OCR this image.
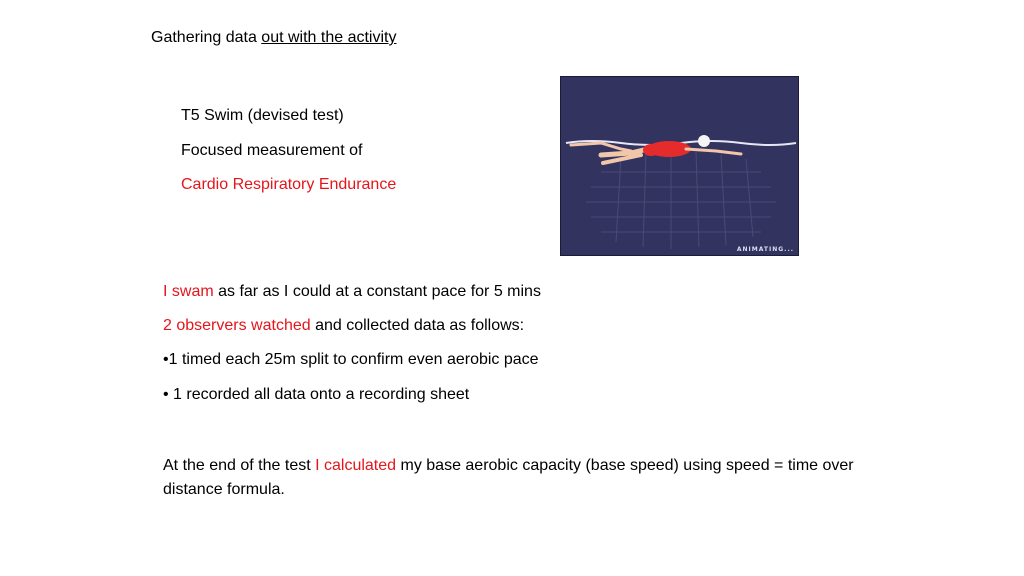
Gathering data out with the activity
T5 Swim (devised test)
Focused measurement of
Cardio Respiratory Endurance
ANIMATING...
I swam as far as I could at a constant pace for 5 mins
2 observers watched and collected data as follows:
•1 timed each 25m split to confirm even aerobic pace
• 1 recorded all data onto a recording sheet
At the end of the test I calculated my base aerobic capacity (base speed) using speed = time over distance formula.
